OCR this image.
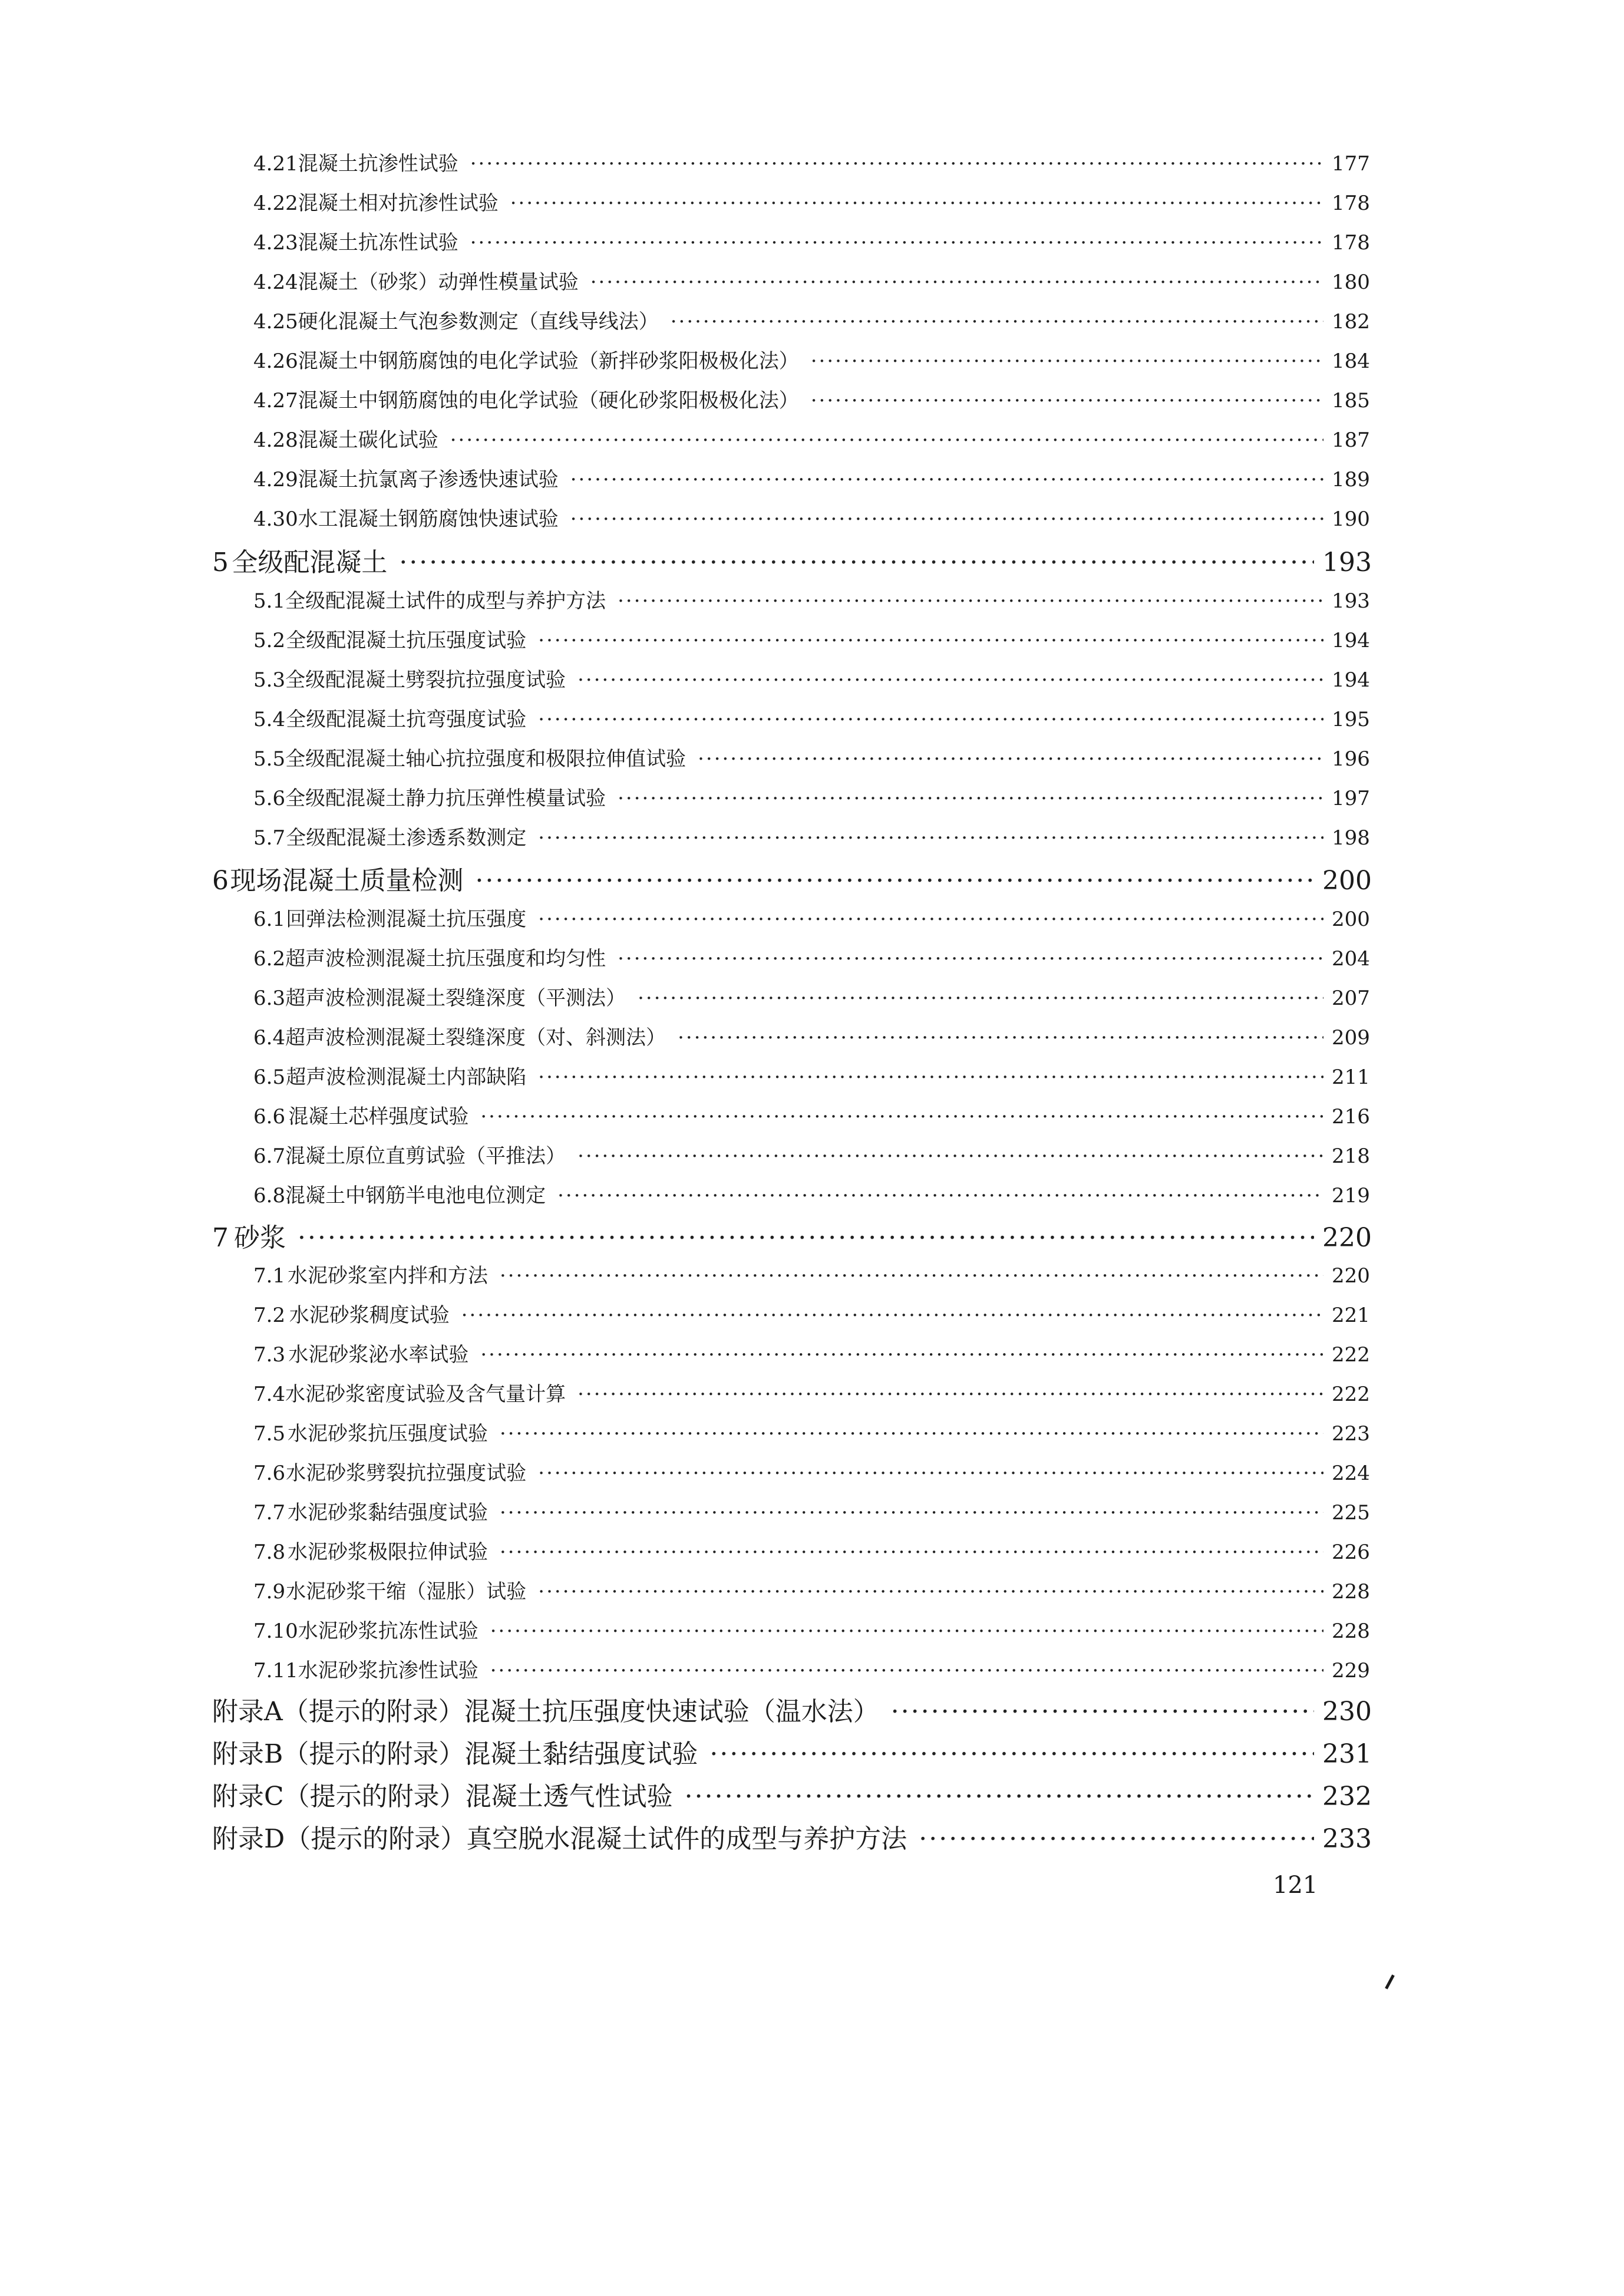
4.21 混凝土抗渗性试验 ·····	177
4.22 混凝土相对抗渗性试验 ·····	178
4.23 混凝土抗冻性试验 ·····	178
4.24 混凝土（砂浆）动弹性模量试验 ·····	180
4.25 硬化混凝土气泡参数测定（直线导线法） ·····	182
4.26 混凝土中钢筋腐蚀的电化学试验（新拌砂浆阳极极化法） ·····	184
4.27 混凝土中钢筋腐蚀的电化学试验（硬化砂浆阳极极化法） ·····	185
4.28 混凝土碳化试验 ·····	187
4.29 混凝土抗氯离子渗透快速试验 ·····	189
4.30 水工混凝土钢筋腐蚀快速试验 ·····	190
5 全级配混凝土 ·····	193
5.1 全级配混凝土试件的成型与养护方法 ·····	193
5.2 全级配混凝土抗压强度试验 ·····	194
5.3 全级配混凝土劈裂抗拉强度试验 ·····	194
5.4 全级配混凝土抗弯强度试验 ·····	195
5.5 全级配混凝土轴心抗拉强度和极限拉伸值试验 ·····	196
5.6 全级配混凝土静力抗压弹性模量试验 ·····	197
5.7 全级配混凝土渗透系数测定 ·····	198
6 现场混凝土质量检测 ·····	200
6.1 回弹法检测混凝土抗压强度 ·····	200
6.2 超声波检测混凝土抗压强度和均匀性 ·····	204
6.3 超声波检测混凝土裂缝深度（平测法） ·····	207
6.4 超声波检测混凝土裂缝深度（对、斜测法） ·····	209
6.5 超声波检测混凝土内部缺陷 ·····	211
6.6 混凝土芯样强度试验 ·····	216
6.7 混凝土原位直剪试验（平推法） ·····	218
6.8 混凝土中钢筋半电池电位测定 ·····	219
7 砂浆 ·····	220
7.1 水泥砂浆室内拌和方法 ·····	220
7.2 水泥砂浆稠度试验 ·····	221
7.3 水泥砂浆泌水率试验 ·····	222
7.4 水泥砂浆密度试验及含气量计算 ·····	222
7.5 水泥砂浆抗压强度试验 ·····	223
7.6 水泥砂浆劈裂抗拉强度试验 ·····	224
7.7 水泥砂浆黏结强度试验 ·····	225
7.8 水泥砂浆极限拉伸试验 ·····	226
7.9 水泥砂浆干缩（湿胀）试验 ·····	228
7.10 水泥砂浆抗冻性试验 ·····	228
7.11 水泥砂浆抗渗性试验 ·····	229
附录A （提示的附录）混凝土抗压强度快速试验（温水法） ·····	230
附录B （提示的附录）混凝土黏结强度试验 ·····	231
附录C （提示的附录）混凝土透气性试验 ·····	232
附录D （提示的附录）真空脱水混凝土试件的成型与养护方法 ·····	233
121
